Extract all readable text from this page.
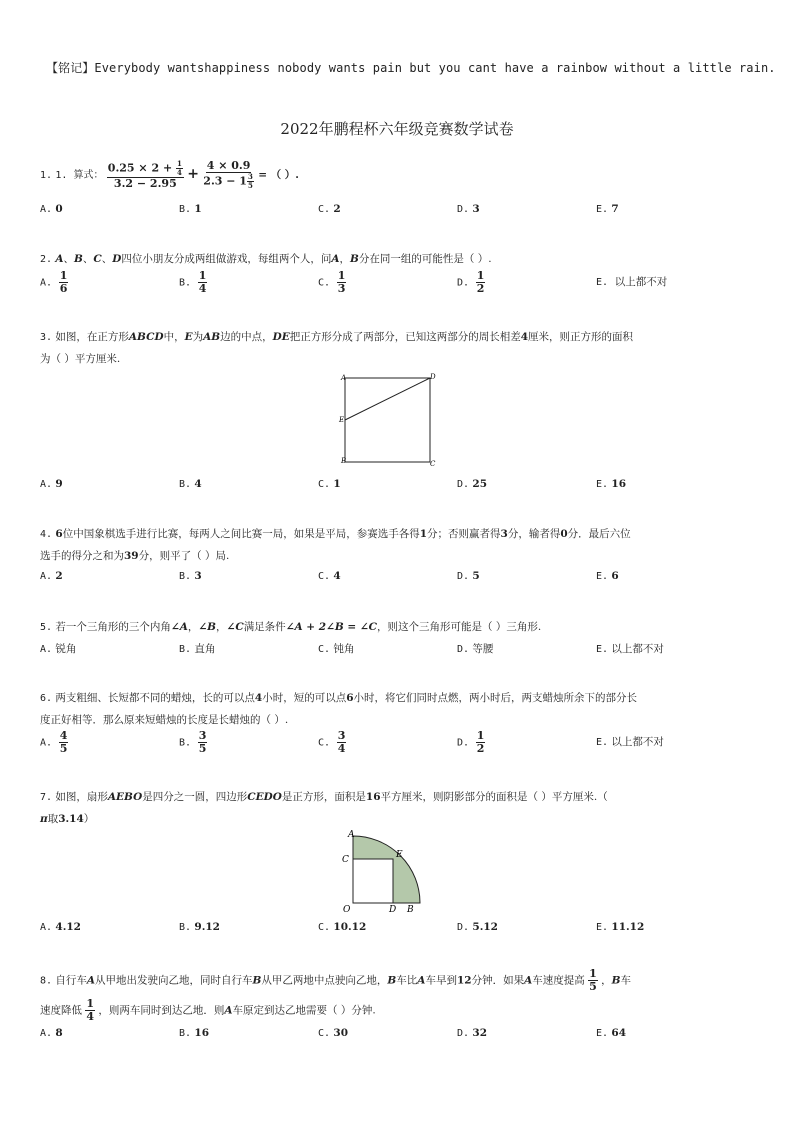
【铭记】Everybody wantshappiness nobody wants pain but you cant have a rainbow without a little rain.
2022年鹏程杯六年级竞赛数学试卷
1. 1. 算式： $\frac{0.25 \times 2 + \frac{1}{4}}{3.2 - 2.95} + \frac{4 \times 0.9}{2.3 - 1 \frac{3}{5}}$ = （ ）.
A. 0	B. 1	C. 2	D. 3	E. 7
2. A、B、C、D四位小朋友分成两组做游戏，每组两个人，问A，B分在同一组的可能性是（ ）.
A. $\frac{1}{6}$	B. $\frac{1}{4}$	C. $\frac{1}{3}$	D. $\frac{1}{2}$	E. 以上都不对
3. 如图，在正方形ABCD中，E为AB边的中点，DE把正方形分成了两部分，已知这两部分的周长相差4厘米，则正方形的面积
为（ ）平方厘米.
A	D
E
B	C
A. 9	B. 4	C. 1	D. 25	E. 16
4. 6位中国象棋选手进行比赛，每两人之间比赛一局，如果是平局，参赛选手各得1分；否则赢者得3分，输者得0分．最后六位
选手的得分之和为39分，则平了（ ）局.
A. 2	B. 3	C. 4	D. 5	E. 6
5. 若一个三角形的三个内角∠A，∠B，∠C满足条件∠A + 2∠B = ∠C，则这个三角形可能是（ ）三角形.
A. 锐角	B. 直角	C. 钝角	D. 等腰	E. 以上都不对
6. 两支粗细、长短都不同的蜡烛，长的可以点4小时，短的可以点6小时，将它们同时点燃，两小时后，两支蜡烛所余下的部分长
度正好相等．那么原来短蜡烛的长度是长蜡烛的（ ）.
A. $\frac{4}{5}$	B. $\frac{3}{5}$	C. $\frac{3}{4}$	D. $\frac{1}{2}$	E. 以上都不对
7. 如图，扇形AEBO是四分之一圆，四边形CEDO是正方形，面积是16平方厘米，则阴影部分的面积是（ ）平方厘米.（
π取3.14）
A
C	E
O	D B
A. 4.12	B. 9.12	C. 10.12	D. 5.12	E. 11.12
8. 自行车A从甲地出发驶向乙地，同时自行车B从甲乙两地中点驶向乙地，B车比A车早到12分钟．如果A车速度提高 $\frac{1}{5}$ ，B车
速度降低 $\frac{1}{4}$ ，则两车同时到达乙地．则A车原定到达乙地需要（ ）分钟.
A. 8	B. 16	C. 30	D. 32	E. 64
